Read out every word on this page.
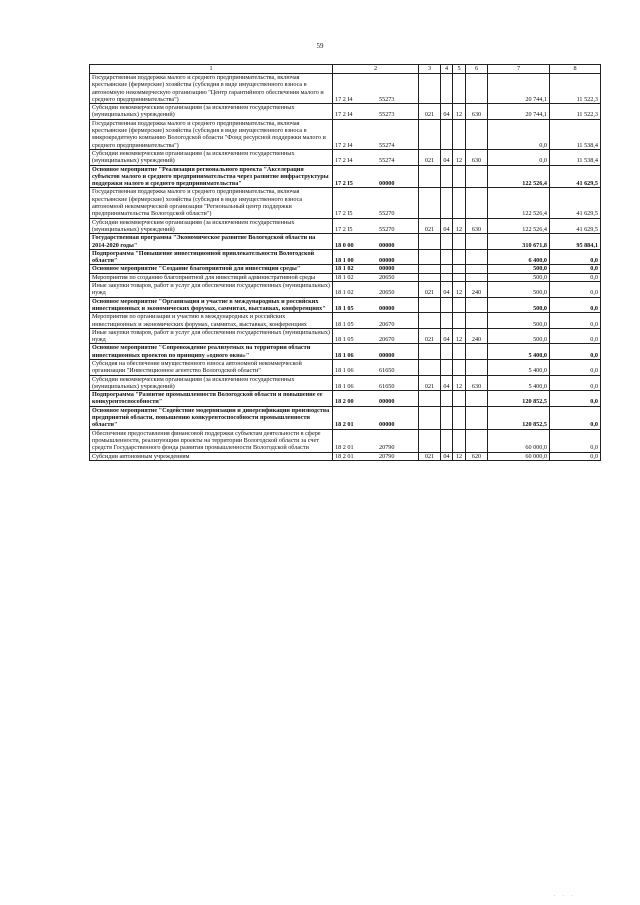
59
1	2	3	4	5	6	7	8
Государственная поддержка малого и среднего предпринимательства, включая крестьянские (фермерские) хозяйства (субсидия в виде имущественного взноса в автономную некоммерческую организацию "Центр гарантийного обеспечения малого и среднего предпринимательства")	17 2 I4 55273					20 744,1	11 522,3
Субсидии некоммерческим организациям (за исключением государственных (муниципальных) учреждений)	17 2 I4 55273	021	04	12	630	20 744,1	11 522,3
Государственная поддержка малого и среднего предпринимательства, включая крестьянские (фермерские) хозяйства (субсидия в виде имущественного взноса в микрокредитную компанию Вологодской области "Фонд ресурсной поддержки малого и среднего предпринимательства")	17 2 I4 55274					0,0	11 538,4
Субсидии некоммерческим организациям (за исключением государственных (муниципальных) учреждений)	17 2 I4 55274	021	04	12	630	0,0	11 538,4
Основное мероприятие "Реализация регионального проекта "Акселерация субъектов малого и среднего предпринимательства через развитие инфраструктуры поддержки малого и среднего предпринимательства"	17 2 I5 00000					122 526,4	41 629,5
Государственная поддержка малого и среднего предпринимательства, включая крестьянские (фермерские) хозяйства (субсидия в виде имущественного взноса автономной некоммерческой организации "Региональный центр поддержки предпринимательства Вологодской области")	17 2 I5 55270					122 526,4	41 629,5
Субсидии некоммерческим организациям (за исключением государственных (муниципальных) учреждений)	17 2 I5 55270	021	04	12	630	122 526,4	41 629,5
Государственная программа "Экономическое развитие Вологодской области на 2014-2020 годы"	18 0 00 00000					310 671,8	95 884,1
Подпрограмма "Повышение инвестиционной привлекательности Вологодской области"	18 1 00 00000					6 400,0	0,0
Основное мероприятие "Создание благоприятной для инвестиции среды"	18 1 02 00000					500,0	0,0
Мероприятия по созданию благоприятной для инвестиций административной среды	18 1 02 20650					500,0	0,0
Иные закупки товаров, работ и услуг для обеспечения государственных (муниципальных) нужд	18 1 02 20650	021	04	12	240	500,0	0,0
Основное мероприятие "Организация и участие в международных и российских инвестиционных и экономических форумах, саммитах, выставках, конференциях"	18 1 05 00000					500,0	0,0
Мероприятия по организации и участию в международных и российских инвестиционных и экономических форумах, саммитах, выставках, конференциях	18 1 05 20670					500,0	0,0
Иные закупки товаров, работ и услуг для обеспечения государственных (муниципальных) нужд	18 1 05 20670	021	04	12	240	500,0	0,0
Основное мероприятие "Сопровождение реализуемых на территории области инвестиционных проектов по принципу «одного окна»"	18 1 06 00000					5 400,0	0,0
Субсидия на обеспечение имущественного взноса автономной некоммерческой организации "Инвестиционное агентство Вологодской области"	18 1 06 61650					5 400,0	0,0
Субсидии некоммерческим организациям (за исключением государственных (муниципальных) учреждений)	18 1 06 61650	021	04	12	630	5 400,0	0,0
Подпрограмма "Развитие промышленности Вологодской области и повышение ее конкурентоспособности"	18 2 00 00000					120 852,5	0,0
Основное мероприятие "Содействие модернизации и диверсификации производства предприятий области, повышению конкурентоспособности промышленности области"	18 2 01 00000					120 852,5	0,0
Обеспечение предоставления финансовой поддержки субъектам деятельности в сфере промышленности, реализующим проекты на территории Вологодской области за счет средств Государственного фонда развития промышленности Вологодской области	18 2 01 20790					60 000,0	0,0
Субсидии автономным учреждениям	18 2 01 20790	021	04	12	620	60 000,0	0,0
· · ·
